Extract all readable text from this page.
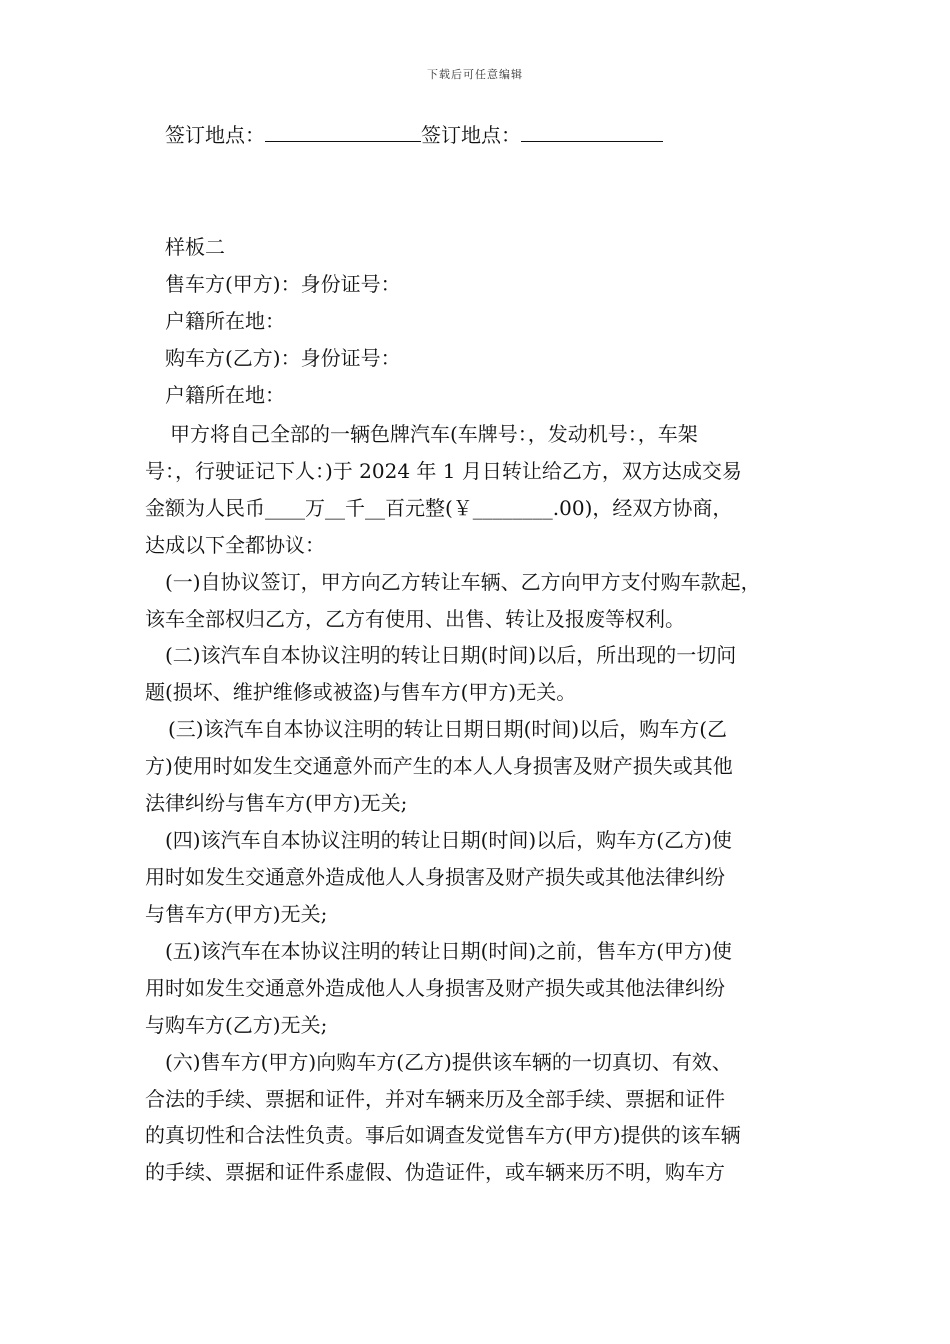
下载后可任意编辑
签订地点：	签订地点：
样板二
售车方(甲方)：身份证号：
户籍所在地：
购车方(乙方)：身份证号：
户籍所在地：
甲方将自己全部的一辆色牌汽车(车牌号：，发动机号：，车架
号：，行驶证记下人：)于 2024 年 1 月日转让给乙方，双方达成交易
金额为人民币____万__千__百元整(￥________.00)，经双方协商，
达成以下全都协议：
(一)自协议签订，甲方向乙方转让车辆、乙方向甲方支付购车款起，
该车全部权归乙方，乙方有使用、出售、转让及报废等权利。
(二)该汽车自本协议注明的转让日期(时间)以后，所出现的一切问
题(损坏、维护维修或被盗)与售车方(甲方)无关。
(三)该汽车自本协议注明的转让日期日期(时间)以后，购车方(乙
方)使用时如发生交通意外而产生的本人人身损害及财产损失或其他
法律纠纷与售车方(甲方)无关;
(四)该汽车自本协议注明的转让日期(时间)以后，购车方(乙方)使
用时如发生交通意外造成他人人身损害及财产损失或其他法律纠纷
与售车方(甲方)无关;
(五)该汽车在本协议注明的转让日期(时间)之前，售车方(甲方)使
用时如发生交通意外造成他人人身损害及财产损失或其他法律纠纷
与购车方(乙方)无关;
(六)售车方(甲方)向购车方(乙方)提供该车辆的一切真切、有效、
合法的手续、票据和证件，并对车辆来历及全部手续、票据和证件
的真切性和合法性负责。事后如调查发觉售车方(甲方)提供的该车辆
的手续、票据和证件系虚假、伪造证件，或车辆来历不明，购车方
